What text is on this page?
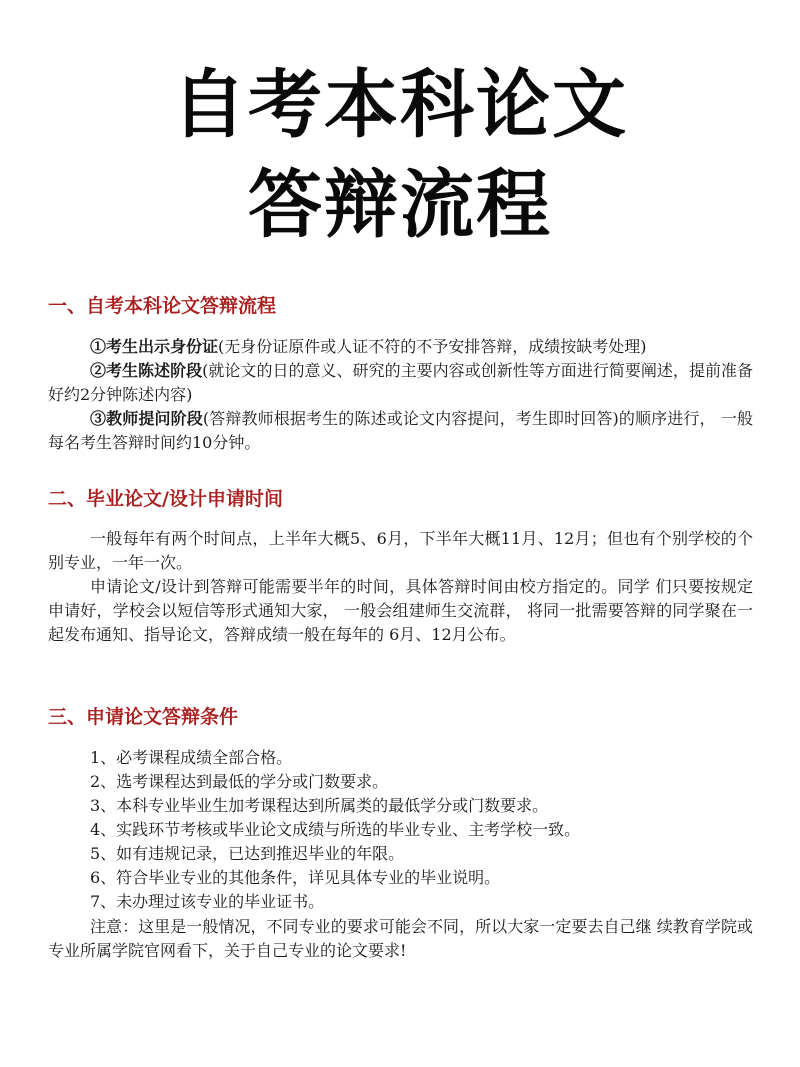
自考本科论文
答辩流程
一、自考本科论文答辩流程

①考生出示身份证(无身份证原件或人证不符的不予安排答辩，成绩按缺考处理)

②考生陈述阶段(就论文的日的意义、研究的主要内容或创新性等方面进行简要阐述，提前准备好约2分钟陈述内容)

③教师提问阶段(答辩教师根据考生的陈述或论文内容提问，考生即时回答)的顺序进行， 一般每名考生答辩时间约10分钟。

二、毕业论文/设计申请时间

一般每年有两个时间点，上半年大概5、6月，下半年大概11月、12月；但也有个别学校的个别专业，一年一次。

申请论文/设计到答辩可能需要半年的时间，具体答辩时间由校方指定的。同学 们只要按规定申请好，学校会以短信等形式通知大家， 一般会组建师生交流群， 将同一批需要答辩的同学聚在一起发布通知、指导论文，答辩成绩一般在每年的 6月、12月公布。

三、申请论文答辩条件

1、必考课程成绩全部合格。

2、选考课程达到最低的学分或门数要求。

3、本科专业毕业生加考课程达到所属类的最低学分或门数要求。

4、实践环节考核或毕业论文成绩与所选的毕业专业、主考学校一致。

5、如有违规记录，已达到推迟毕业的年限。

6、符合毕业专业的其他条件，详见具体专业的毕业说明。

7、未办理过该专业的毕业证书。

注意：这里是一般情况，不同专业的要求可能会不同，所以大家一定要去自己继 续教育学院或专业所属学院官网看下，关于自己专业的论文要求!
